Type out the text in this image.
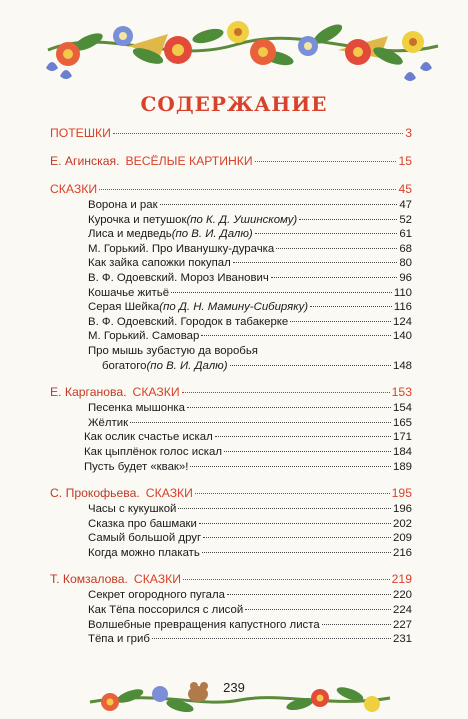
СОДЕРЖАНИЕ
ПОТЕШКИ	3
Е. Агинская. ВЕСЁЛЫЕ КАРТИНКИ	15
СКАЗКИ	45
Ворона и рак	47
Курочка и петушок (по К. Д. Ушинскому)	52
Лиса и медведь (по В. И. Далю)	61
М. Горький. Про Иванушку-дурачка	68
Как зайка сапожки покупал	80
В. Ф. Одоевский. Мороз Иванович	96
Кошачье житьё	110
Серая Шейка (по Д. Н. Мамину-Сибиряку)	116
В. Ф. Одоевский. Городок в табакерке	124
М. Горький. Самовар	140
Про мышь зубастую да воробья
богатого (по В. И. Далю)	148
Е. Карганова. СКАЗКИ	153
Песенка мышонка	154
Жёлтик	165
Как ослик счастье искал	171
Как цыплёнок голос искал	184
Пусть будет «квак»!	189
С. Прокофьева. СКАЗКИ	195
Часы с кукушкой	196
Сказка про башмаки	202
Самый большой друг	209
Когда можно плакать	216
Т. Комзалова. СКАЗКИ	219
Секрет огородного пугала	220
Как Тёпа поссорился с лисой	224
Волшебные превращения капустного листа	227
Тёпа и гриб	231
239
